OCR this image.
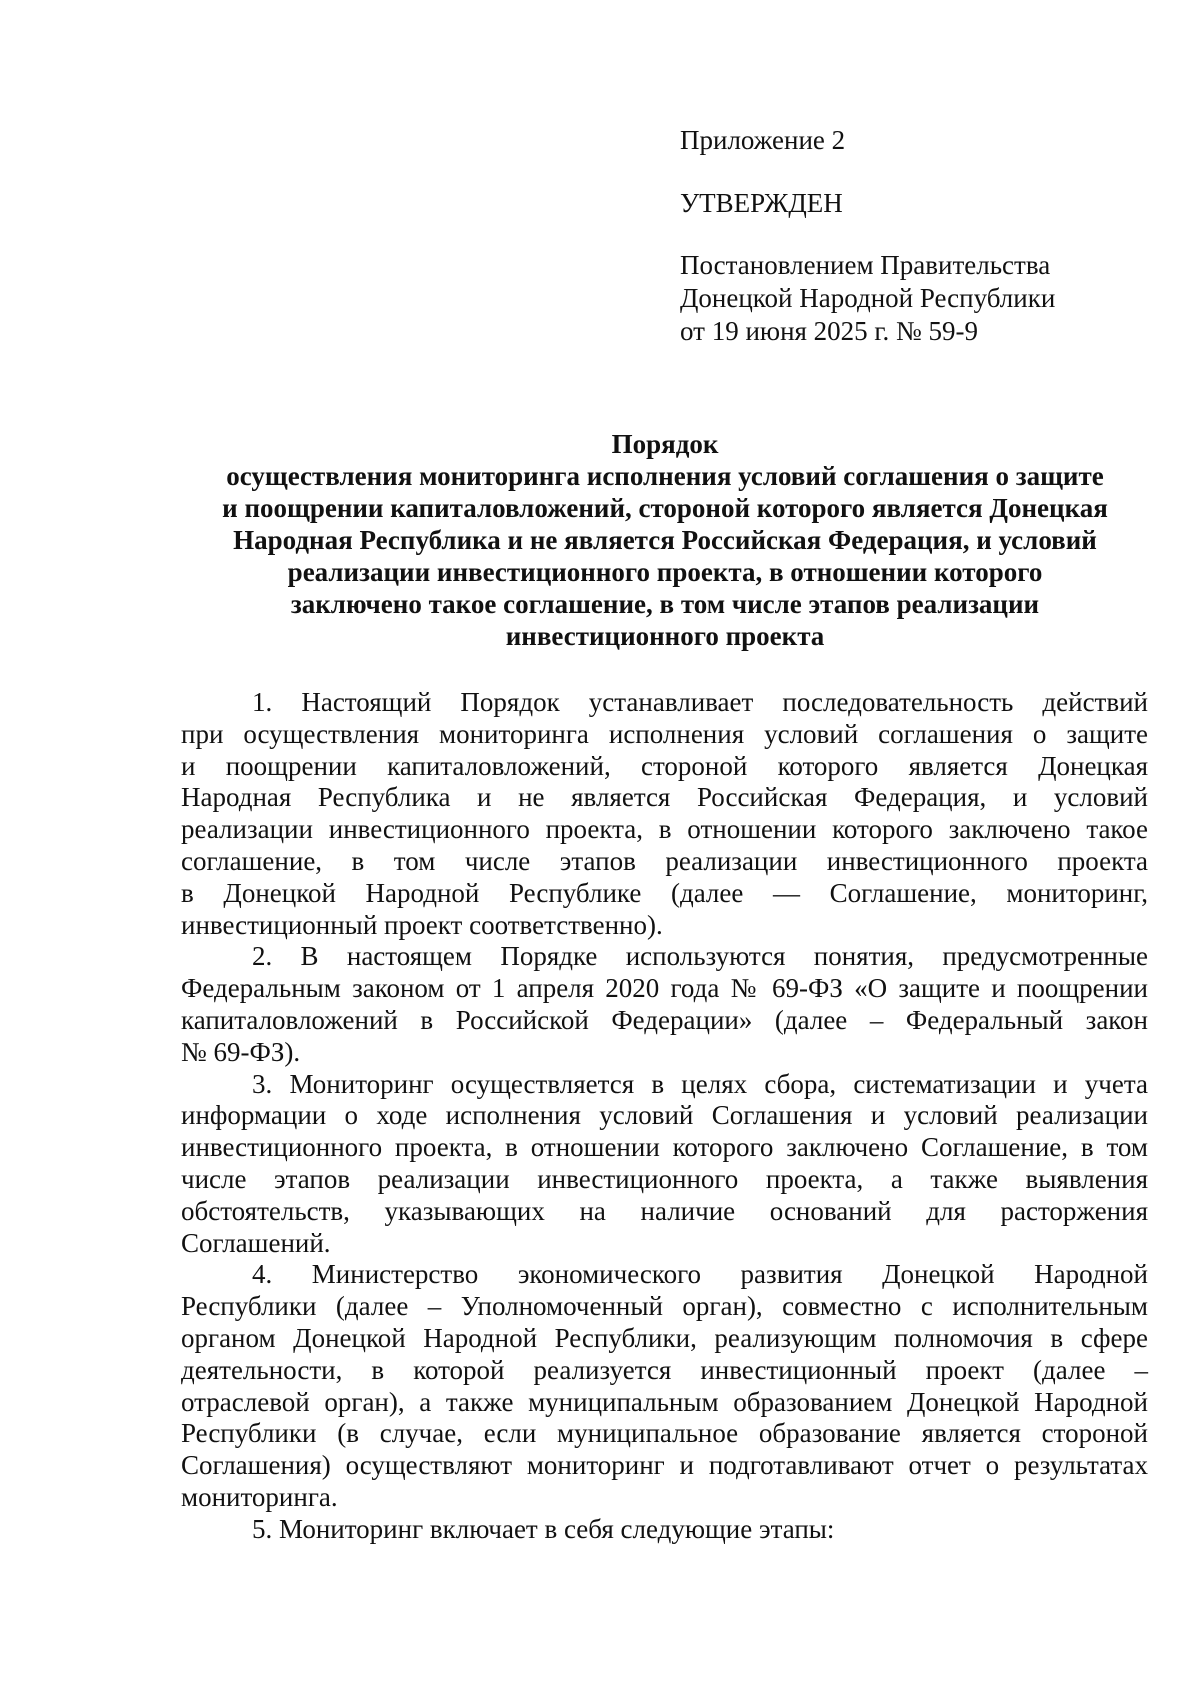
Приложение 2
УТВЕРЖДЕН
Постановлением Правительства
Донецкой Народной Республики
от 19 июня 2025 г. № 59-9
Порядок
осуществления мониторинга исполнения условий соглашения о защите
и поощрении капиталовложений, стороной которого является Донецкая
Народная Республика и не является Российская Федерация, и условий
реализации инвестиционного проекта, в отношении которого
заключено такое соглашение, в том числе этапов реализации
инвестиционного проекта
1. Настоящий Порядок устанавливает последовательность действий
при осуществления мониторинга исполнения условий соглашения о защите
и поощрении капиталовложений, стороной которого является Донецкая
Народная Республика и не является Российская Федерация, и условий
реализации инвестиционного проекта, в отношении которого заключено такое
соглашение, в том числе этапов реализации инвестиционного проекта
в Донецкой Народной Республике (далее — Соглашение, мониторинг,
инвестиционный проект соответственно).
2. В настоящем Порядке используются понятия, предусмотренные
Федеральным законом от 1 апреля 2020 года № 69-ФЗ «О защите и поощрении
капиталовложений в Российской Федерации» (далее – Федеральный закон
№ 69-ФЗ).
3. Мониторинг осуществляется в целях сбора, систематизации и учета
информации о ходе исполнения условий Соглашения и условий реализации
инвестиционного проекта, в отношении которого заключено Соглашение, в том
числе этапов реализации инвестиционного проекта, а также выявления
обстоятельств, указывающих на наличие оснований для расторжения
Соглашений.
4. Министерство экономического развития Донецкой Народной
Республики (далее – Уполномоченный орган), совместно с исполнительным
органом Донецкой Народной Республики, реализующим полномочия в сфере
деятельности, в которой реализуется инвестиционный проект (далее –
отраслевой орган), а также муниципальным образованием Донецкой Народной
Республики (в случае, если муниципальное образование является стороной
Соглашения) осуществляют мониторинг и подготавливают отчет о результатах
мониторинга.
5. Мониторинг включает в себя следующие этапы:
